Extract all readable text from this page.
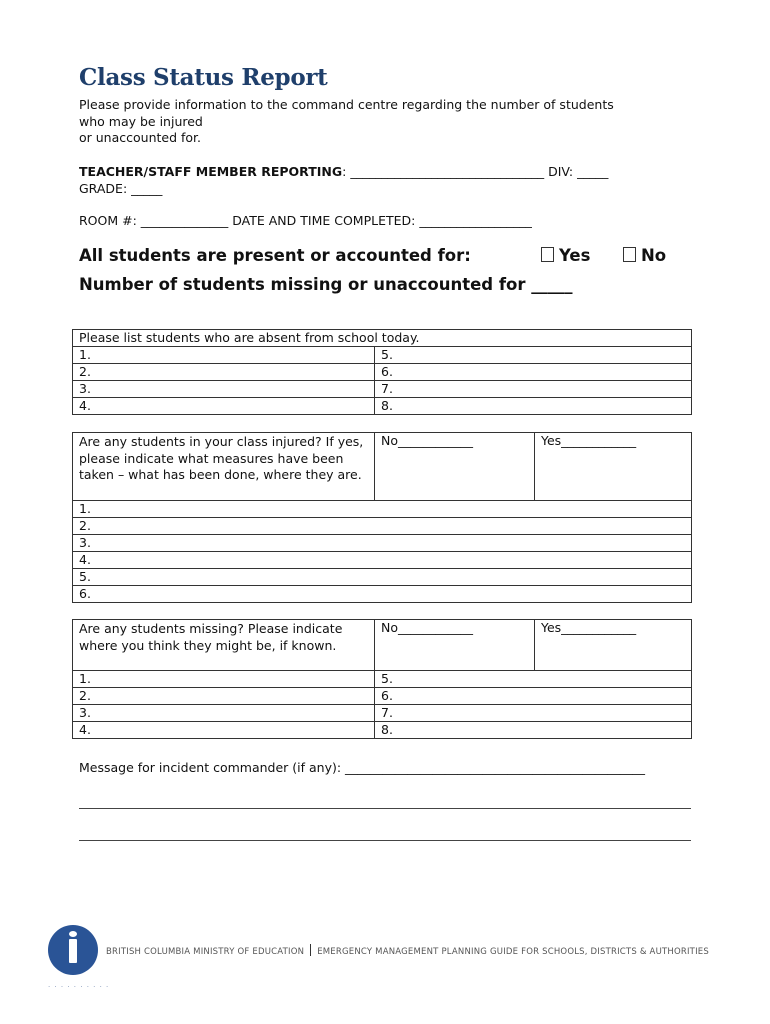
Class Status Report
Please provide information to the command centre regarding the number of students
who may be injured
or unaccounted for.
TEACHER/STAFF MEMBER REPORTING: _______________________________ DIV: _____
GRADE: _____
ROOM #: ______________ DATE AND TIME COMPLETED: __________________
All students are present or accounted for:	Yes	No
Number of students missing or unaccounted for _____
Please list students who are absent from school today.	
1.	5.
2.	6.
3.	7.
4.	8.
Are any students in your class injured? If yes, please indicate what measures have been taken – what has been done, where they are.	No____________	Yes____________
1.
2.
3.
4.
5.
6.
Are any students missing? Please indicate where you think they might be, if known.	No____________	Yes____________
1.	5.	
2.	6.	
3.	7.	
4.	8.	
Message for incident commander (if any): ________________________________________________
. . . . . . . . . .
BRITISH COLUMBIA MINISTRY OF EDUCATION EMERGENCY MANAGEMENT PLANNING GUIDE FOR SCHOOLS, DISTRICTS & AUTHORITIES
